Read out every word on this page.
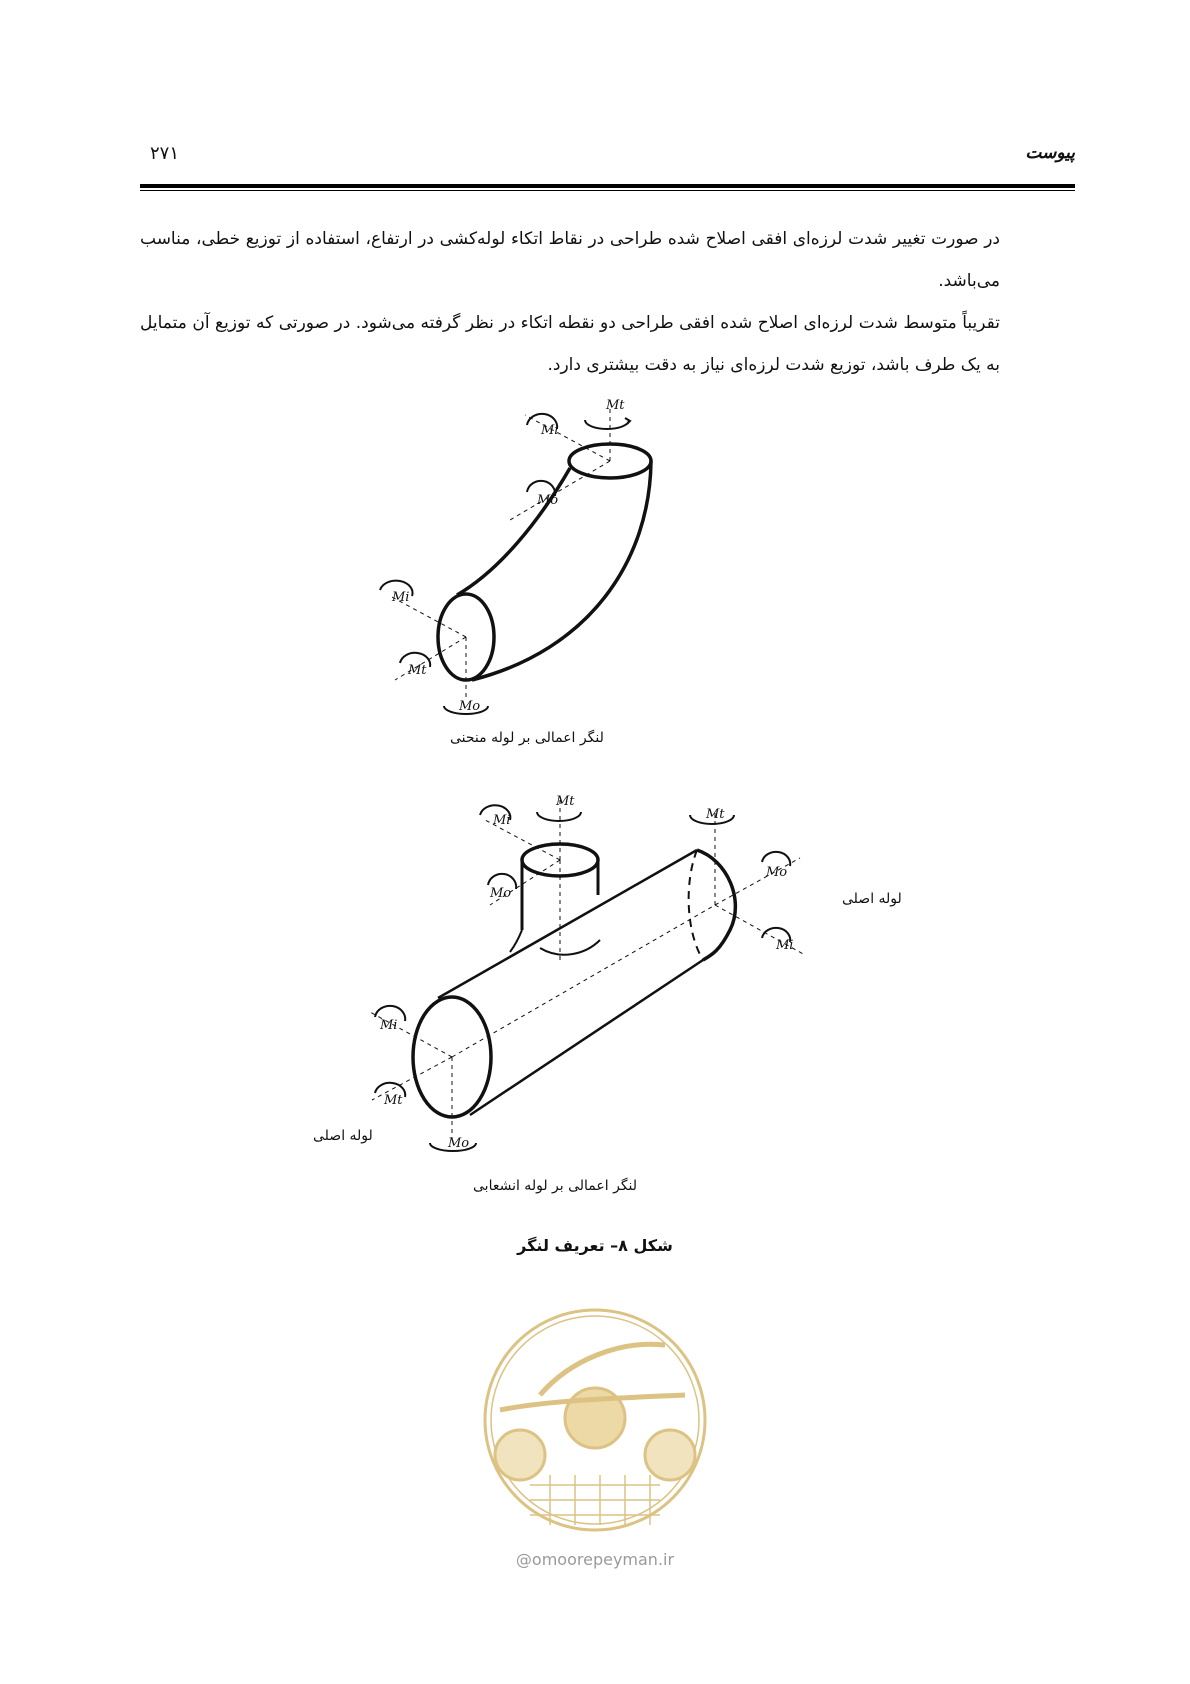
۲۷۱	پیوست

در صورت تغییر شدت لرزه‌ای افقی اصلاح شده طراحی در نقاط اتکاء لوله‌کشی در ارتفاع، استفاده از توزیع خطی، مناسب می‌باشد.

تقریباً متوسط شدت لرزه‌ای اصلاح شده افقی طراحی دو نقطه اتکاء در نظر گرفته می‌شود. در صورتی که توزیع آن متمایل به یک طرف باشد، توزیع شدت لرزه‌ای نیاز به دقت بیشتری دارد.

Mt
Mi
Mo
Mi
Mt
Mo
Mt
Mi
Mo
Mt
Mo
Mi
Mi
Mt
Mo
لنگر اعمالی بر لوله منحنی
لوله اصلی
لوله اصلی
لنگر اعمالی بر لوله انشعابی
شکل ۸– تعریف لنگر
@omoorepeyman.ir
